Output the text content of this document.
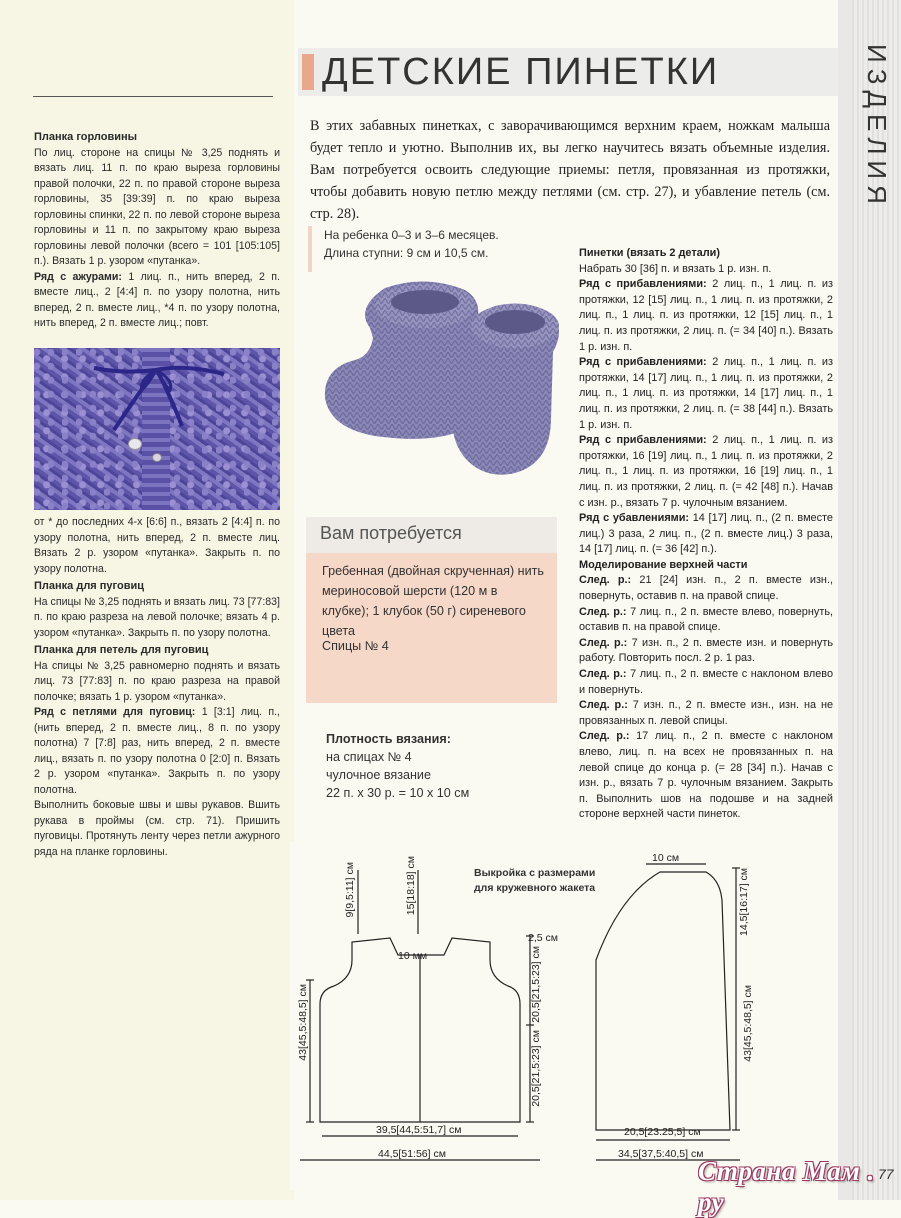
Планка горловины

По лиц. стороне на спицы № 3,25 поднять и вязать лиц. 11 п. по краю выреза горловины правой полочки, 22 п. по правой стороне выреза горловины, 35 [39:39] п. по краю выреза горловины спинки, 22 п. по левой стороне выреза горловины и 11 п. по закрытому краю выреза горловины левой полочки (всего = 101 [105:105] п.). Вязать 1 р. узором «путанка».

Ряд с ажурами: 1 лиц. п., нить вперед, 2 п. вместе лиц., 2 [4:4] п. по узору полотна, нить вперед, 2 п. вместе лиц., *4 п. по узору полотна, нить вперед, 2 п. вместе лиц.; повт.

от * до последних 4-х [6:6] п., вязать 2 [4:4] п. по узору полотна, нить вперед, 2 п. вместе лиц. Вязать 2 р. узором «путанка». Закрыть п. по узору полотна.

Планка для пуговиц

На спицы № 3,25 поднять и вязать лиц. 73 [77:83] п. по краю разреза на левой полочке; вязать 4 р. узором «путанка». Закрыть п. по узору полотна.

Планка для петель для пуговиц

На спицы № 3,25 равномерно поднять и вязать лиц. 73 [77:83] п. по краю разреза на правой полочке; вязать 1 р. узором «путанка».

Ряд с петлями для пуговиц: 1 [3:1] лиц. п., (нить вперед, 2 п. вместе лиц., 8 п. по узору полотна) 7 [7:8] раз, нить вперед, 2 п. вместе лиц., вязать п. по узору полотна 0 [2:0] п. Вязать 2 р. узором «путанка». Закрыть п. по узору полотна.

Выполнить боковые швы и швы рукавов. Вшить рукава в проймы (см. стр. 71). Пришить пуговицы. Протянуть ленту через петли ажурного ряда на планке горловины.

ДЕТСКИЕ ПИНЕТКИ

В этих забавных пинетках, с заворачивающимся верхним краем, ножкам малыша будет тепло и уютно. Выполнив их, вы легко научитесь вязать объемные изделия. Вам потребуется освоить следующие приемы: петля, провязанная из протяжки, чтобы добавить новую петлю между петлями (см. стр. 27), и убавление петель (см. стр. 28).

На ребенка 0–3 и 3–6 месяцев.
Длина ступни: 9 см и 10,5 см.
Вам потребуется
Гребенная (двойная скрученная) нить мериносовой шерсти (120 м в клубке); 1 клубок (50 г) сиреневого цвета
Спицы № 4
Плотность вязания:
на спицах № 4
чулочное вязание
22 п. х 30 р. = 10 х 10 см

Пинетки (вязать 2 детали)

Набрать 30 [36] п. и вязать 1 р. изн. п.

Ряд с прибавлениями: 2 лиц. п., 1 лиц. п. из протяжки, 12 [15] лиц. п., 1 лиц. п. из протяжки, 2 лиц. п., 1 лиц. п. из протяжки, 12 [15] лиц. п., 1 лиц. п. из протяжки, 2 лиц. п. (= 34 [40] п.). Вязать 1 р. изн. п.

Ряд с прибавлениями: 2 лиц. п., 1 лиц. п. из протяжки, 14 [17] лиц. п., 1 лиц. п. из протяжки, 2 лиц. п., 1 лиц. п. из протяжки, 14 [17] лиц. п., 1 лиц. п. из протяжки, 2 лиц. п. (= 38 [44] п.). Вязать 1 р. изн. п.

Ряд с прибавлениями: 2 лиц. п., 1 лиц. п. из протяжки, 16 [19] лиц. п., 1 лиц. п. из протяжки, 2 лиц. п., 1 лиц. п. из протяжки, 16 [19] лиц. п., 1 лиц. п. из протяжки, 2 лиц. п. (= 42 [48] п.). Начав с изн. р., вязать 7 р. чулочным вязанием.

Ряд с убавлениями: 14 [17] лиц. п., (2 п. вместе лиц.) 3 раза, 2 лиц. п., (2 п. вместе лиц.) 3 раза, 14 [17] лиц. п. (= 36 [42] п.).

Моделирование верхней части

След. р.: 21 [24] изн. п., 2 п. вместе изн., повернуть, оставив п. на правой спице.

След. р.: 7 лиц. п., 2 п. вместе влево, повернуть, оставив п. на правой спице.

След. р.: 7 изн. п., 2 п. вместе изн. и повернуть работу. Повторить посл. 2 р. 1 раз.

След. р.: 7 лиц. п., 2 п. вместе с наклоном влево и повернуть.

След. р.: 7 изн. п., 2 п. вместе изн., изн. на не провязанных п. левой спицы.

След. р.: 17 лиц. п., 2 п. вместе с наклоном влево, лиц. п. на всех не провязанных п. на левой спице до конца р. (= 28 [34] п.). Начав с изн. р., вязать 7 р. чулочным вязанием. Закрыть п. Выполнить шов на подошве и на задней стороне верхней части пинеток.

ИЗДЕЛИЯ
Выкройка с размерами
для кружевного жакета
9[9,5:11] см	15[18:18] см
10 мм
2,5 см
20,5[21,5:23] см
20,5[21,5:23] см
43[45,5:48,5] см
39,5[44,5:51,7] см
44,5[51:56] см
10 см
14,5[16:17] см
43[45,5:48,5] см
20,5[23:25,5] см
34,5[37,5:40,5] см
Страна Мам . ру
77
